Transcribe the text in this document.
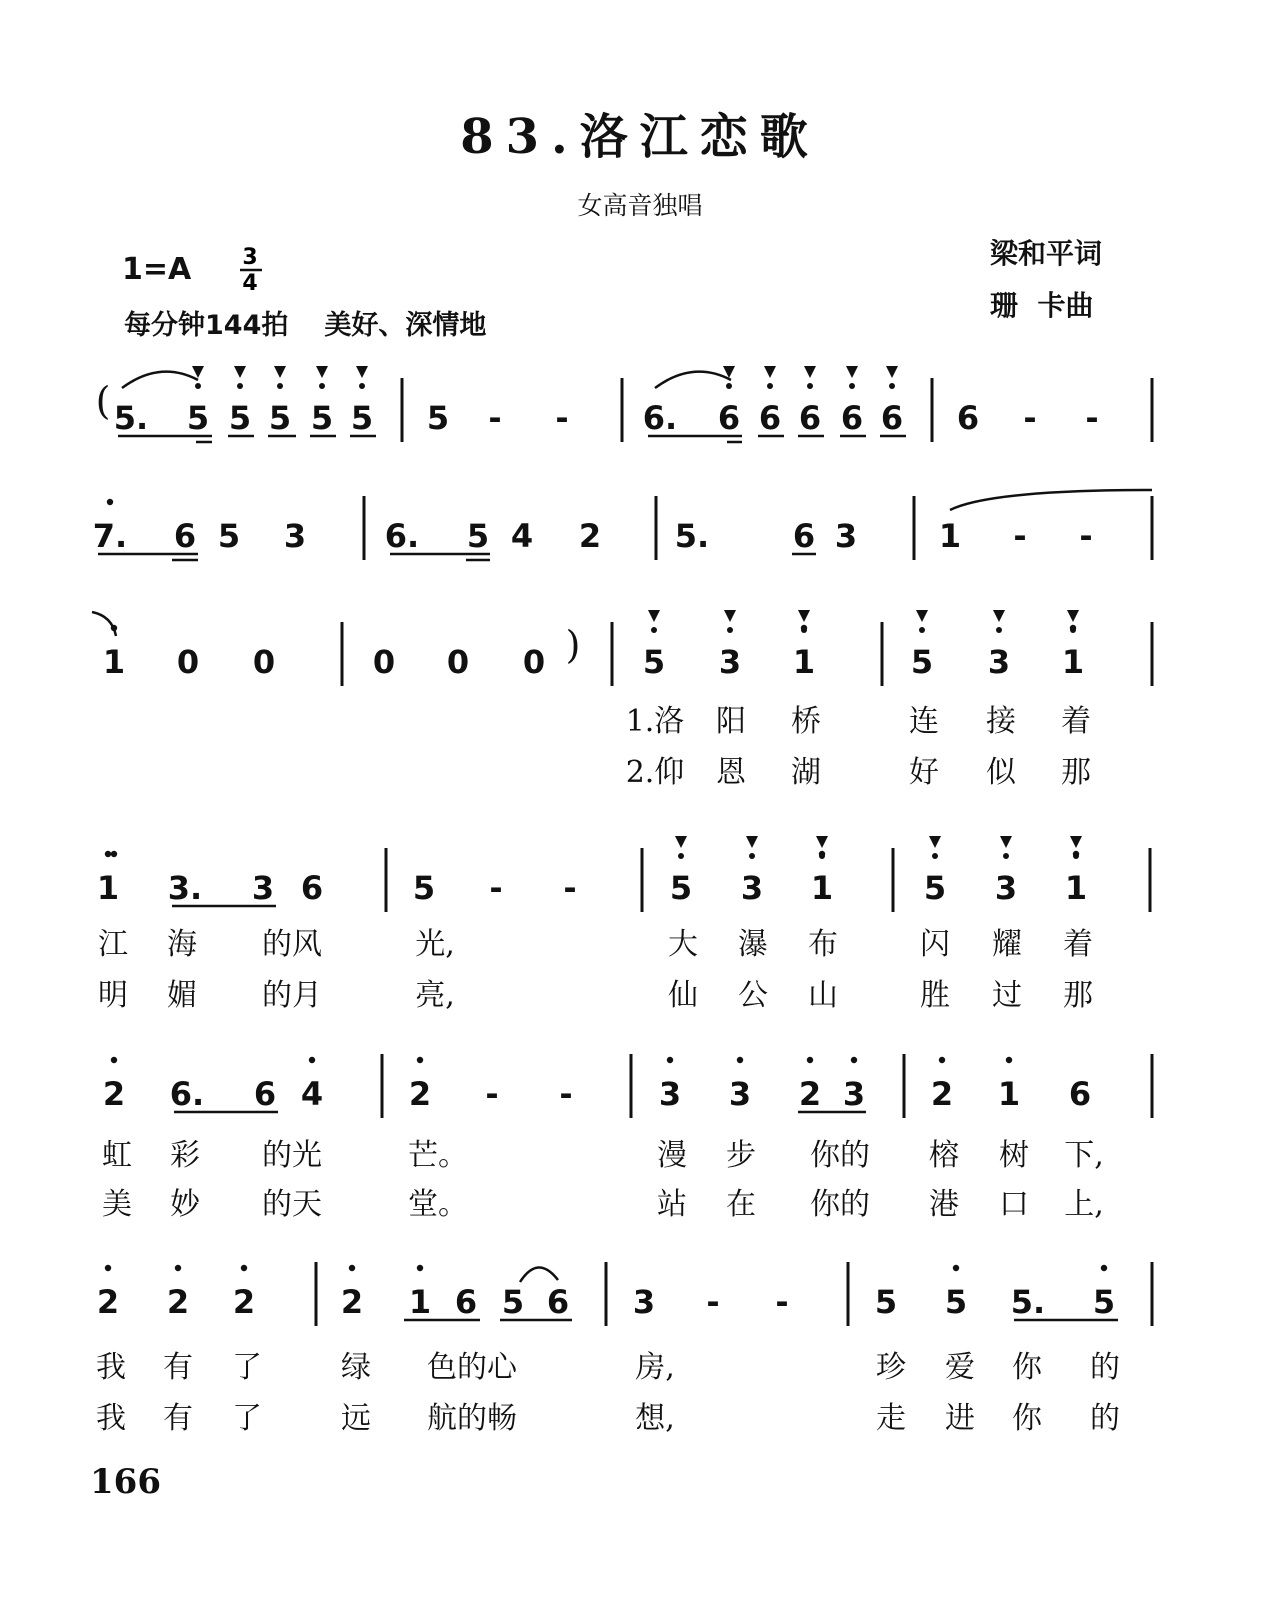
83.洛江恋歌
女高音独唱
1=A
每分钟144拍 美好、深情地
梁和平词
珊  卡曲
166
3
4
( 5. 5 5 5 5 5 5 - - 6. 6 6 6 6 6 6 - -
7. 6 5 3 6. 5 4 2 5.	6 3	1 - -
1 0 0	0 0 0 ) 5 3 1	5 3 1
1.洛 阳 桥	连 接 着
2.仰 恩 湖	好 似 那
1 3. 3 6	5 - -	5 3 1	5 3 1
江 海 的风	光,	大 瀑 布	闪 耀 着
明 媚 的月	亮,	仙 公 山	胜 过 那
2 6. 6 4	2 - -	3 3 2 3 2 1 6
虹 彩 的光	芒。	漫 步 你的 榕 树 下,
美 妙 的天	堂。	站 在 你的 港 口 上,
2 2 2	2 1 6 5 6 3 - -	5 5 5. 5
我 有 了	绿 色的心	房,	珍 爱 你 的
我 有 了	远 航的畅	想,	走 进 你 的
